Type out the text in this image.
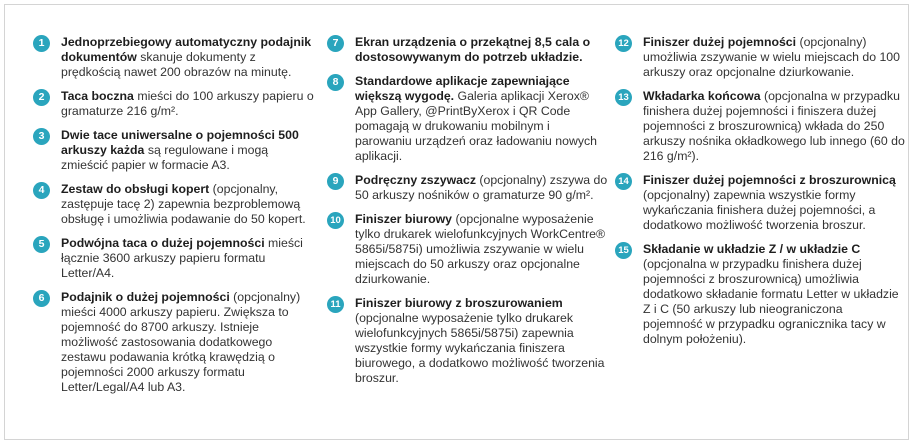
1	Jednoprzebiegowy automatyczny podajnik dokumentów skanuje dokumenty z prędkością nawet 200 obrazów na minutę.
2	Taca boczna mieści do 100 arkuszy papieru o gramaturze 216 g/m².
3	Dwie tace uniwersalne o pojemności 500 arkuszy każda są regulowane i mogą zmieścić papier w formacie A3.
4	Zestaw do obsługi kopert (opcjonalny, zastępuje tacę 2) zapewnia bezproblemową obsługę i umożliwia podawanie do 50 kopert.
5	Podwójna taca o dużej pojemności mieści łącznie 3600 arkuszy papieru formatu Letter/A4.
6	Podajnik o dużej pojemności (opcjonalny) mieści 4000 arkuszy papieru. Zwiększa to pojemność do 8700 arkuszy. Istnieje możliwość zastosowania dodatkowego zestawu podawania krótką krawędzią o pojemności 2000 arkuszy formatu Letter/Legal/A4 lub A3.
7	Ekran urządzenia o przekątnej 8,5 cala o dostosowywanym do potrzeb układzie.
8	Standardowe aplikacje zapewniające większą wygodę. Galeria aplikacji Xerox® App Gallery, @PrintByXerox i QR Code pomagają w drukowaniu mobilnym i parowaniu urządzeń oraz ładowaniu nowych aplikacji.
9	Podręczny zszywacz (opcjonalny) zszywa do 50 arkuszy nośników o gramaturze 90 g/m².
10 Finiszer biurowy (opcjonalne wyposażenie tylko drukarek wielofunkcyjnych WorkCentre® 5865i/5875i) umożliwia zszywanie w wielu miejscach do 50 arkuszy oraz opcjonalne dziurkowanie.
11 Finiszer biurowy z broszurowaniem (opcjonalne wyposażenie tylko drukarek wielofunkcyjnych 5865i/5875i) zapewnia wszystkie formy wykańczania finiszera biurowego, a dodatkowo możliwość tworzenia broszur.
12 Finiszer dużej pojemności (opcjonalny) umożliwia zszywanie w wielu miejscach do 100 arkuszy oraz opcjonalne dziurkowanie.
13 Wkładarka końcowa (opcjonalna w przypadku finishera dużej pojemności i finiszera dużej pojemności z broszurownicą) wkłada do 250 arkuszy nośnika okładkowego lub innego (60 do 216 g/m²).
14 Finiszer dużej pojemności z broszurownicą (opcjonalny) zapewnia wszystkie formy wykańczania finishera dużej pojemności, a dodatkowo możliwość tworzenia broszur.
15 Składanie w układzie Z / w układzie C (opcjonalna w przypadku finishera dużej pojemności z broszurownicą) umożliwia dodatkowo składanie formatu Letter w układzie Z i C (50 arkuszy lub nieograniczona pojemność w przypadku ogranicznika tacy w dolnym położeniu).
